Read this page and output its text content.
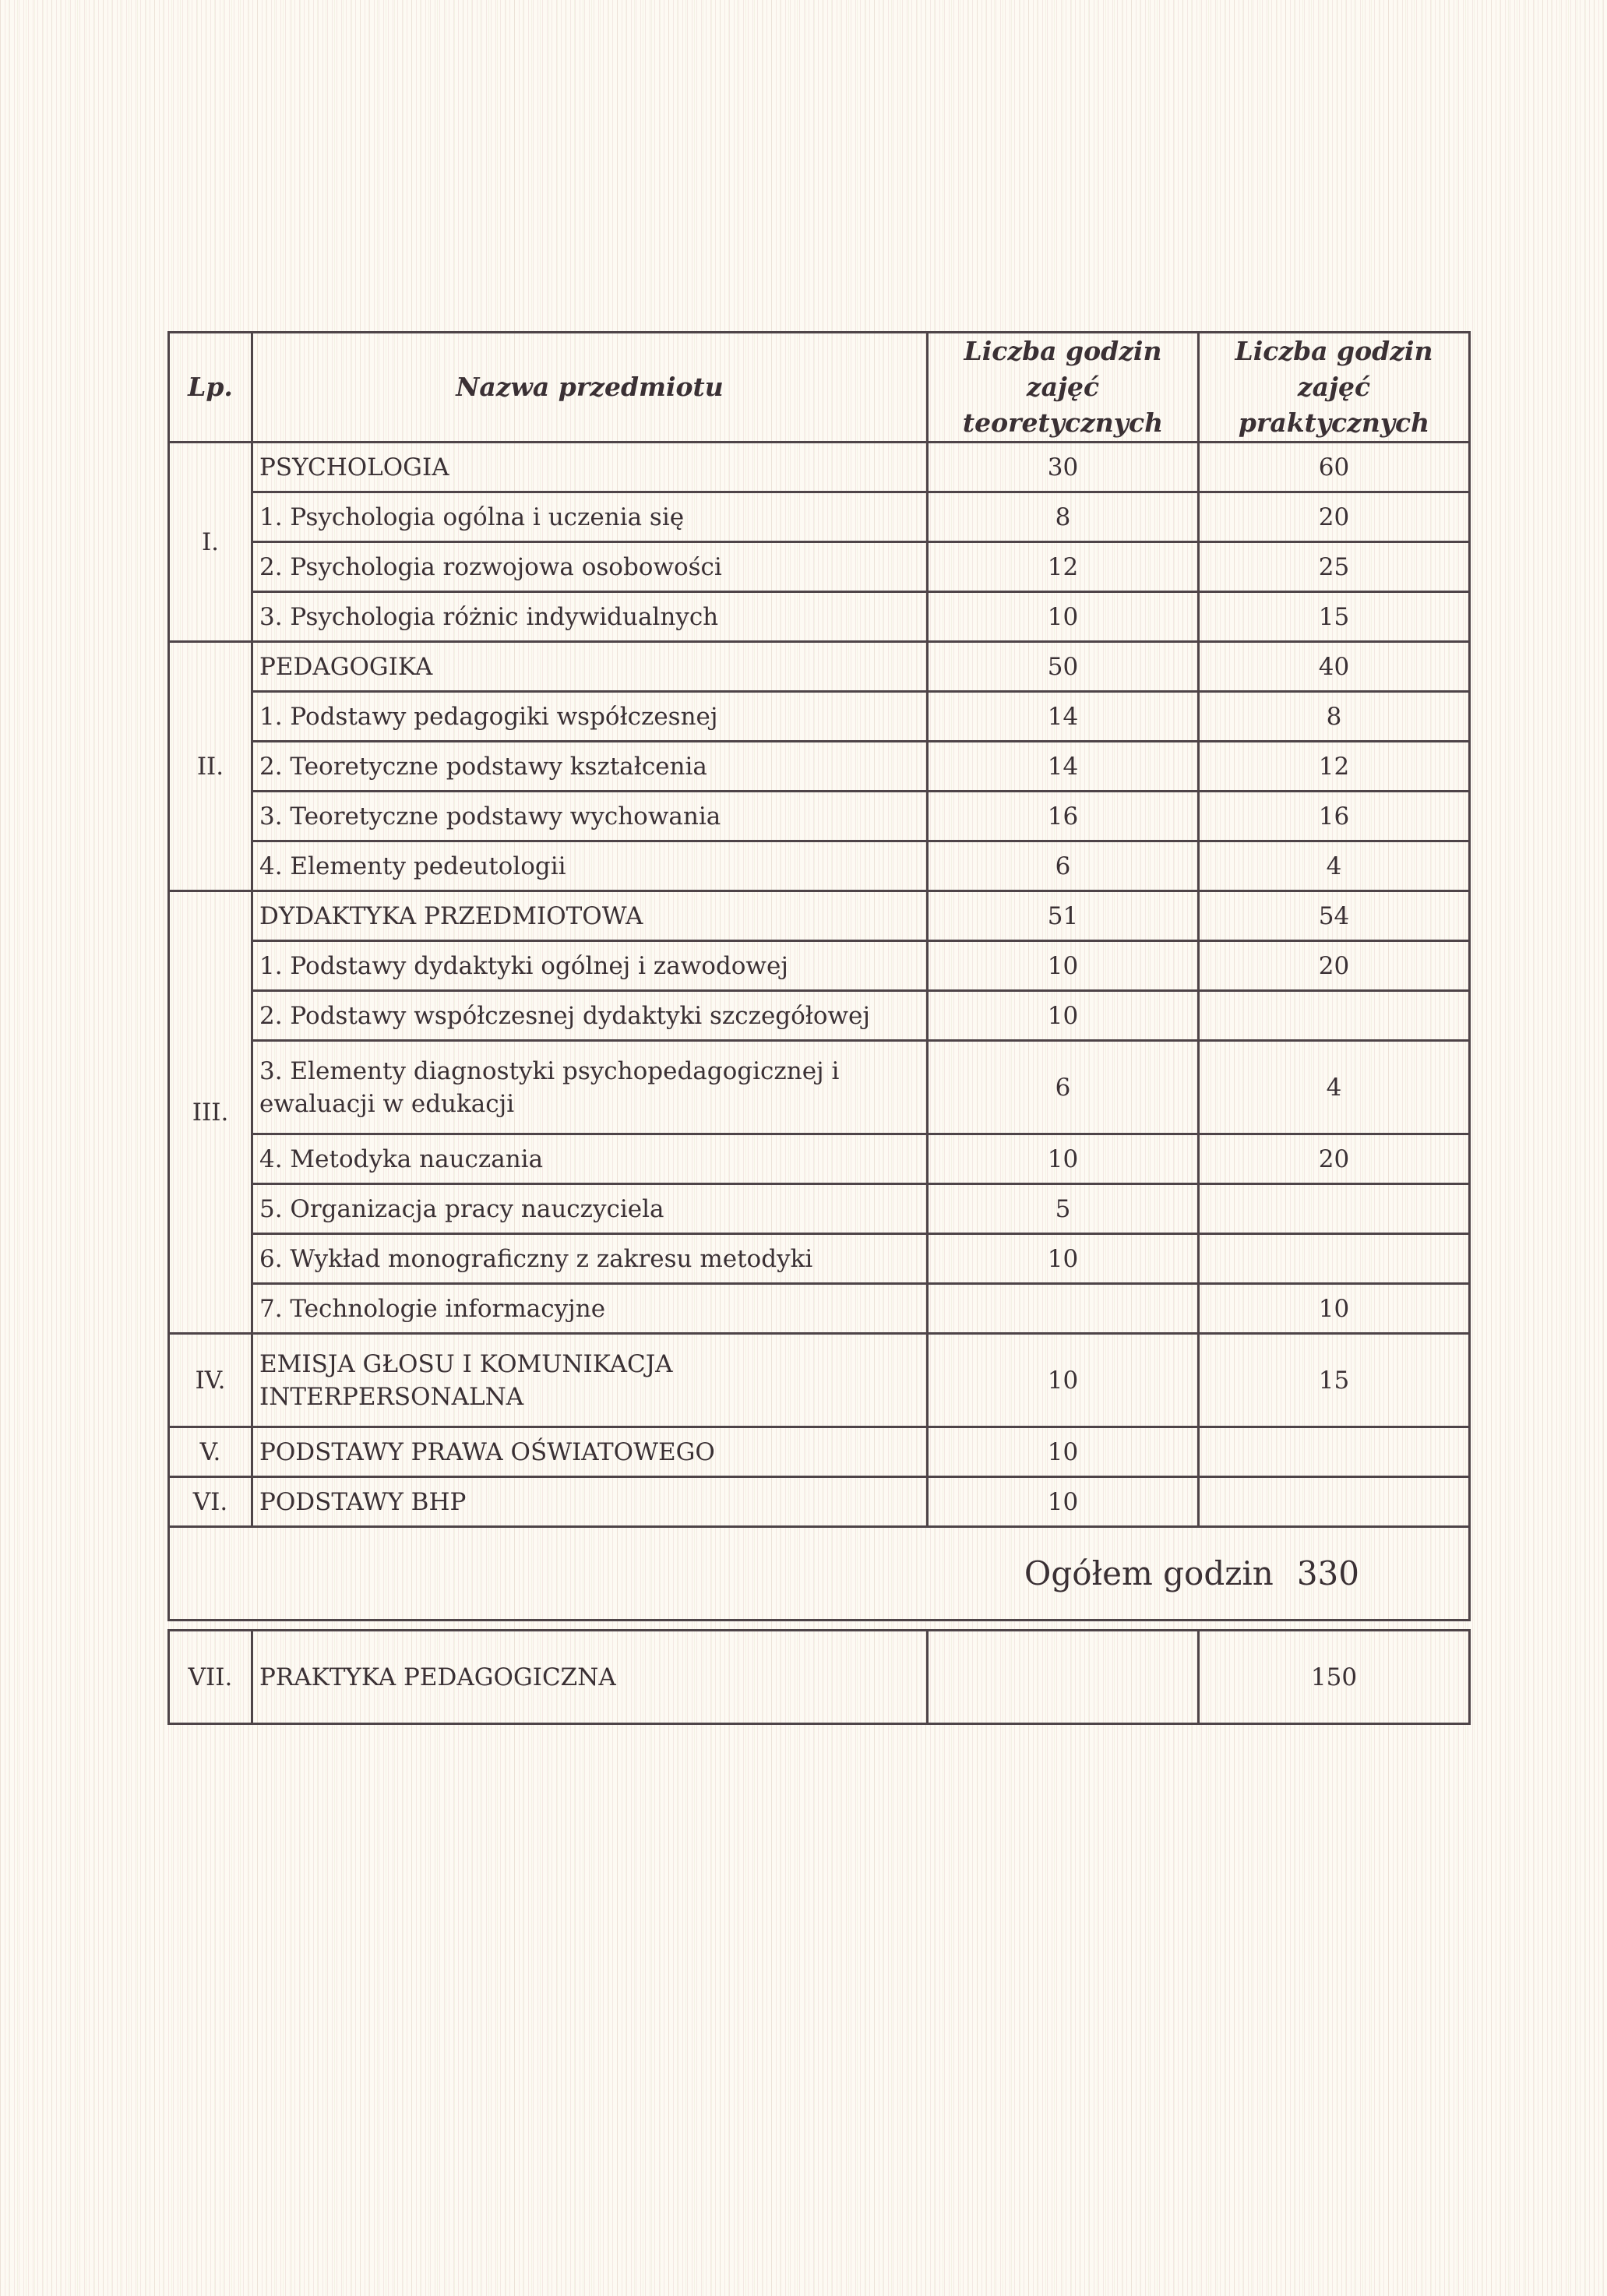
Lp.	Nazwa przedmiotu	Liczba godzin zajęć teoretycznych	Liczba godzin zajęć praktycznych
I.	PSYCHOLOGIA	30	60
	1. Psychologia ogólna i uczenia się	8	20
	2. Psychologia rozwojowa osobowości	12	25
	3. Psychologia różnic indywidualnych	10	15
II.	PEDAGOGIKA	50	40
	1. Podstawy pedagogiki współczesnej	14	8
	2. Teoretyczne podstawy kształcenia	14	12
	3. Teoretyczne podstawy wychowania	16	16
	4. Elementy pedeutologii	6	4
III.	DYDAKTYKA PRZEDMIOTOWA	51	54
	1. Podstawy dydaktyki ogólnej i zawodowej	10	20
	2. Podstawy współczesnej dydaktyki szczegółowej	10	
	3. Elementy diagnostyki psychopedagogicznej i ewaluacji w edukacji	6	4
	4. Metodyka nauczania	10	20
	5. Organizacja pracy nauczyciela	5	
	6. Wykład monograficzny z zakresu metodyki	10	
	7. Technologie informacyjne		10
IV.	EMISJA GŁOSU I KOMUNIKACJA INTERPERSONALNA	10	15
V.	PODSTAWY PRAWA OŚWIATOWEGO	10	
VI.	PODSTAWY BHP	10	
Ogółem godzin 330			

VII.	PRAKTYKA PEDAGOGICZNA		150
